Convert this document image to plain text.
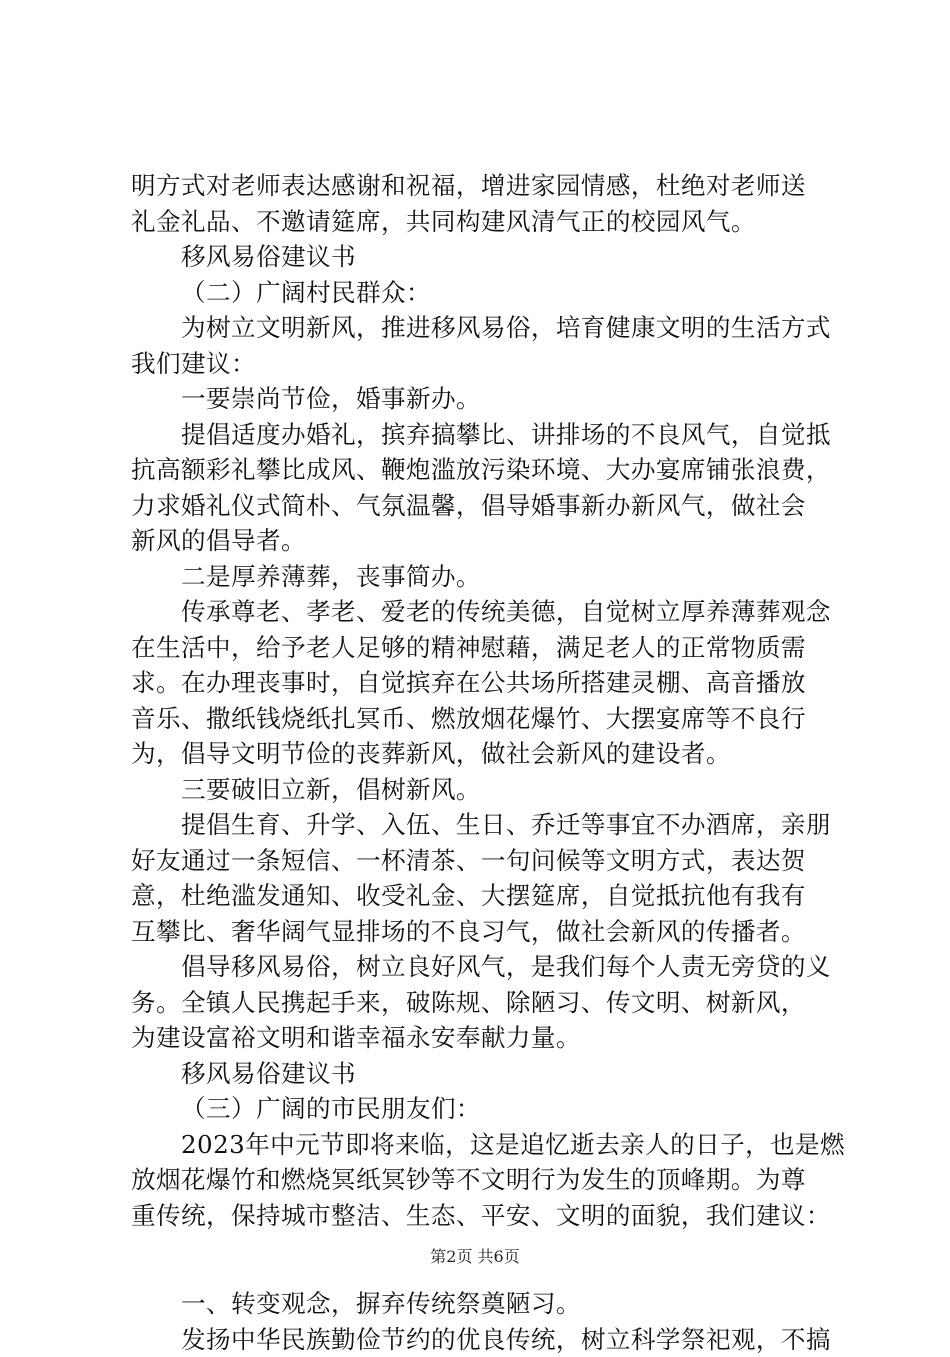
明方式对老师表达感谢和祝福，增进家园情感，杜绝对老师送
礼金礼品、不邀请筵席，共同构建风清气正的校园风气。
移风易俗建议书
（二）广阔村民群众：
为树立文明新风，推进移风易俗，培育健康文明的生活方式
我们建议：
一要崇尚节俭，婚事新办。
提倡适度办婚礼，摈弃搞攀比、讲排场的不良风气，自觉抵
抗高额彩礼攀比成风、鞭炮滥放污染环境、大办宴席铺张浪费，
力求婚礼仪式简朴、气氛温馨，倡导婚事新办新风气，做社会
新风的倡导者。
二是厚养薄葬，丧事简办。
传承尊老、孝老、爱老的传统美德，自觉树立厚养薄葬观念
在生活中，给予老人足够的精神慰藉，满足老人的正常物质需
求。在办理丧事时，自觉摈弃在公共场所搭建灵棚、高音播放
音乐、撒纸钱烧纸扎冥币、燃放烟花爆竹、大摆宴席等不良行
为，倡导文明节俭的丧葬新风，做社会新风的建设者。
三要破旧立新，倡树新风。
提倡生育、升学、入伍、生日、乔迁等事宜不办酒席，亲朋
好友通过一条短信、一杯清茶、一句问候等文明方式，表达贺
意，杜绝滥发通知、收受礼金、大摆筵席，自觉抵抗他有我有
互攀比、奢华阔气显排场的不良习气，做社会新风的传播者。
倡导移风易俗，树立良好风气，是我们每个人责无旁贷的义
务。全镇人民携起手来，破陈规、除陋习、传文明、树新风，
为建设富裕文明和谐幸福永安奉献力量。
移风易俗建议书
（三）广阔的市民朋友们：
2023年中元节即将来临，这是追忆逝去亲人的日子，也是燃
放烟花爆竹和燃烧冥纸冥钞等不文明行为发生的顶峰期。为尊
重传统，保持城市整洁、生态、平安、文明的面貌，我们建议：
一、转变观念，摒弃传统祭奠陋习。
发扬中华民族勤俭节约的优良传统，树立科学祭祀观，不搞
第2页 共6页
